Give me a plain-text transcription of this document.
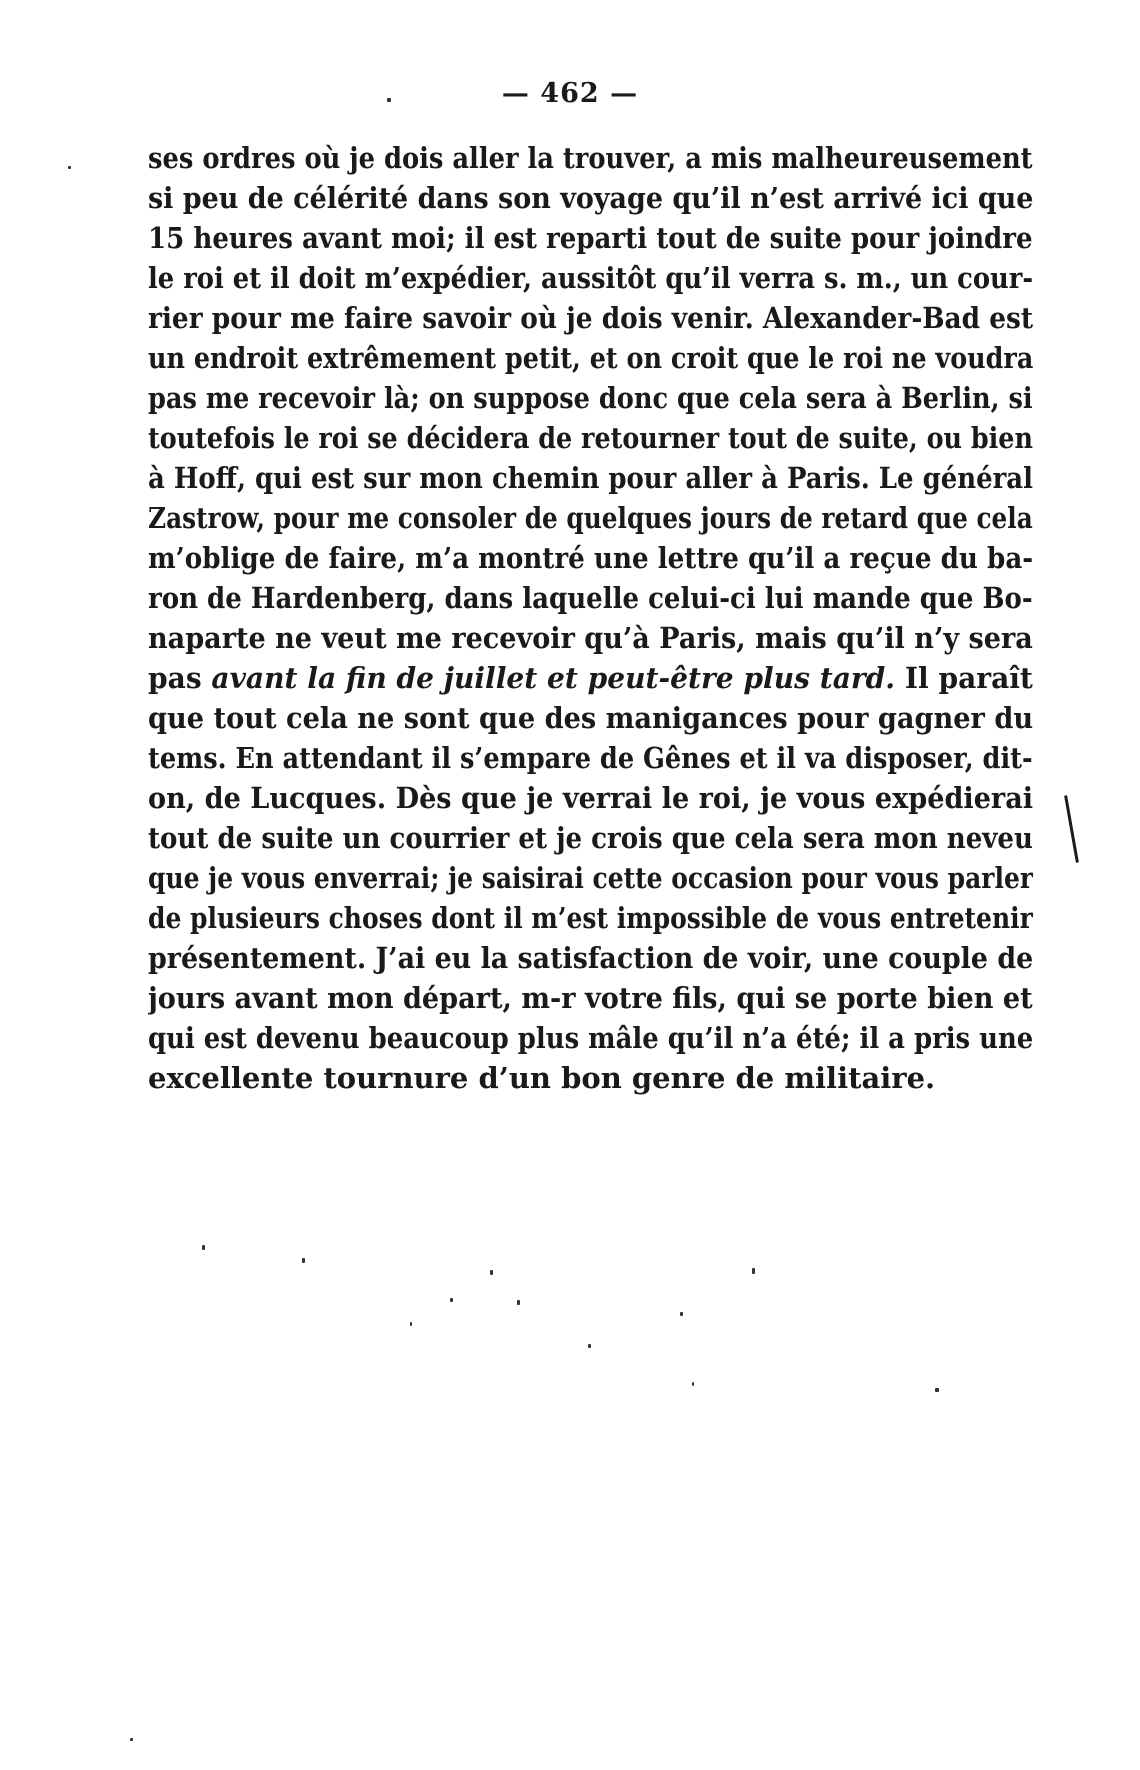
— 462 —
ses ordres où je dois aller la trouver, a mis malheureusement
si peu de célérité dans son voyage qu’il n’est arrivé ici que
15 heures avant moi; il est reparti tout de suite pour joindre
le roi et il doit m’expédier, aussitôt qu’il verra s. m., un cour-
rier pour me faire savoir où je dois venir. Alexander-Bad est
un endroit extrêmement petit, et on croit que le roi ne voudra
pas me recevoir là; on suppose donc que cela sera à Berlin, si
toutefois le roi se décidera de retourner tout de suite, ou bien
à Hoff, qui est sur mon chemin pour aller à Paris. Le général
Zastrow, pour me consoler de quelques jours de retard que cela
m’oblige de faire, m’a montré une lettre qu’il a reçue du ba-
ron de Hardenberg, dans laquelle celui-ci lui mande que Bo-
naparte ne veut me recevoir qu’à Paris, mais qu’il n’y sera
pas avant la fin de juillet et peut-être plus tard. Il paraît
que tout cela ne sont que des manigances pour gagner du
tems. En attendant il s’empare de Gênes et il va disposer, dit-
on, de Lucques. Dès que je verrai le roi, je vous expédierai
tout de suite un courrier et je crois que cela sera mon neveu
que je vous enverrai; je saisirai cette occasion pour vous parler
de plusieurs choses dont il m’est impossible de vous entretenir
présentement. J’ai eu la satisfaction de voir, une couple de
jours avant mon départ, m-r votre fils, qui se porte bien et
qui est devenu beaucoup plus mâle qu’il n’a été; il a pris une
excellente tournure d’un bon genre de militaire.
